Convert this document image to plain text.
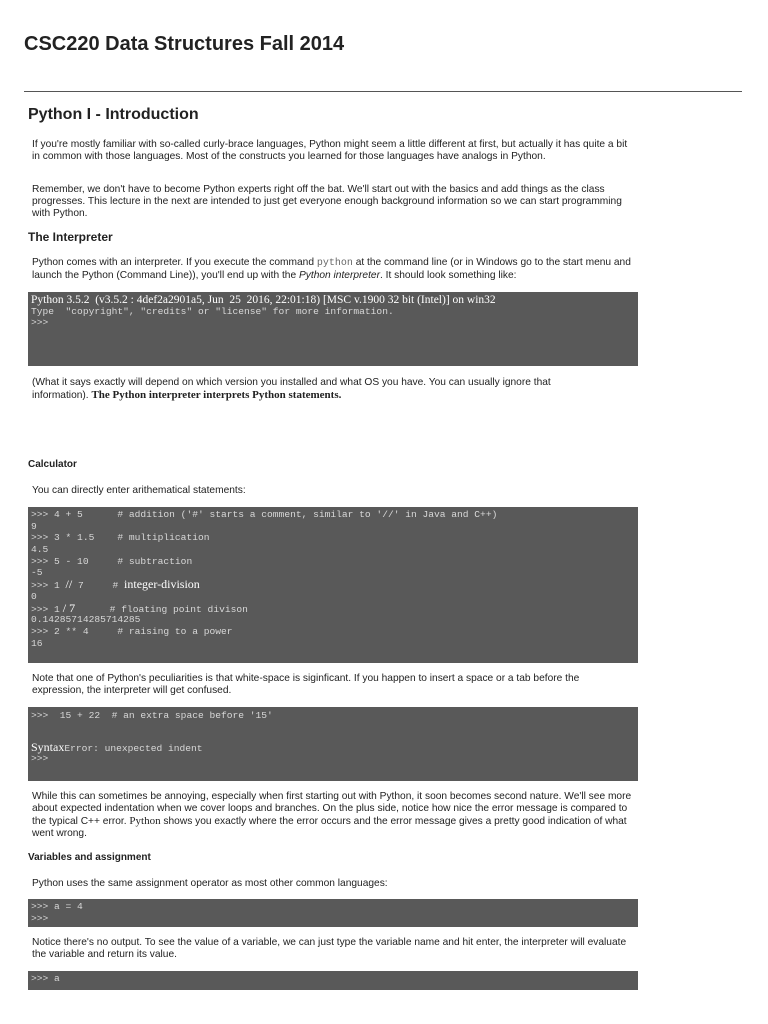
CSC220 Data Structures Fall 2014
Python I - Introduction

If you're mostly familiar with so-called curly-brace languages, Python might seem a little different at first, but actually it has quite a bit in common with those languages. Most of the constructs you learned for those languages have analogs in Python.

Remember, we don't have to become Python experts right off the bat. We'll start out with the basics and add things as the class progresses. This lecture in the next are intended to just get everyone enough background information so we can start programming with Python.

The Interpreter

Python comes with an interpreter. If you execute the command python at the command line (or in Windows go to the start menu and launch the Python (Command Line)), you'll end up with the Python interpreter. It should look something like:

Python 3.5.2  (v3.5.2 : 4def2a2901a5, Jun  25  2016, 22:01:18) [MSC v.1900 32 bit (Intel)] on win32
Type  "copyright", "credits" or "license" for more information.
>>>

(What it says exactly will depend on which version you installed and what OS you have. You can usually ignore that information). The Python interpreter interprets Python statements.

Calculator

You can directly enter arithematical statements:

>>> 4 + 5      # addition ('#' starts a comment, similar to '//' in Java and C++)
9
>>> 3 * 1.5    # multiplication
4.5
>>> 5 - 10     # subtraction
-5
>>> 1 // 7     # integer-division
0
>>> 1 / 7      # floating point divison
0.14285714285714285
>>> 2 ** 4     # raising to a power
16

Note that one of Python's peculiarities is that white-space is siginficant. If you happen to insert a space or a tab before the expression, the interpreter will get confused.

>>>  15 + 22  # an extra space before '15'
SyntaxError: unexpected indent
>>>

While this can sometimes be annoying, especially when first starting out with Python, it soon becomes second nature. We'll see more about expected indentation when we cover loops and branches. On the plus side, notice how nice the error message is compared to the typical C++ error. Python shows you exactly where the error occurs and the error message gives a pretty good indication of what went wrong.

Variables and assignment

Python uses the same assignment operator as most other common languages:

>>> a = 4
>>>

Notice there's no output. To see the value of a variable, we can just type the variable name and hit enter, the interpreter will evaluate the variable and return its value.

>>> a
